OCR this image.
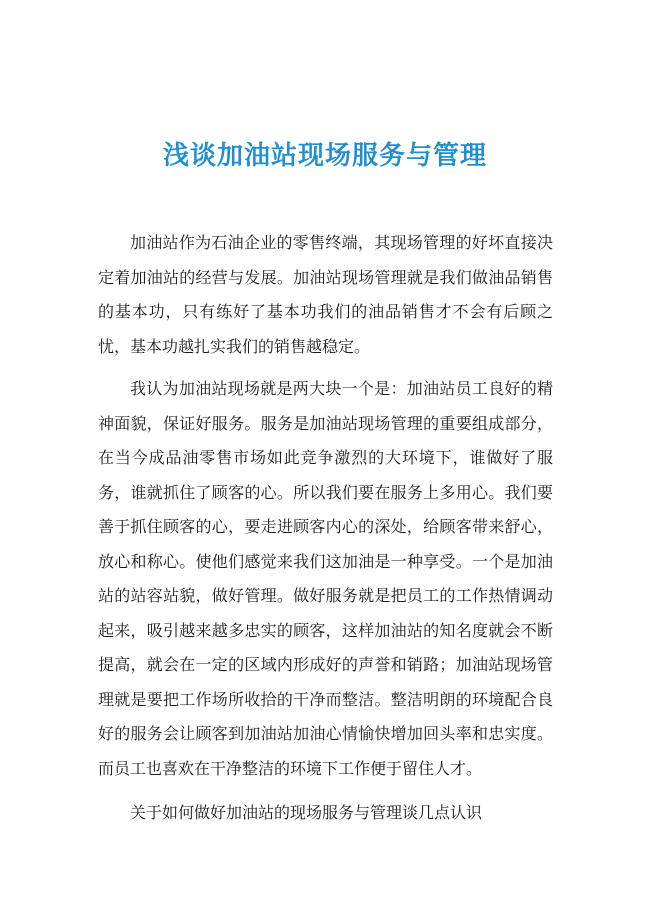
浅谈加油站现场服务与管理

加油站作为石油企业的零售终端，其现场管理的好坏直接决定着加油站的经营与发展。加油站现场管理就是我们做油品销售的基本功，只有练好了基本功我们的油品销售才不会有后顾之忧，基本功越扎实我们的销售越稳定。

我认为加油站现场就是两大块一个是：加油站员工良好的精神面貌，保证好服务。服务是加油站现场管理的重要组成部分，在当今成品油零售市场如此竞争激烈的大环境下，谁做好了服务，谁就抓住了顾客的心。所以我们要在服务上多用心。我们要善于抓住顾客的心，要走进顾客内心的深处，给顾客带来舒心，放心和称心。使他们感觉来我们这加油是一种享受。一个是加油站的站容站貌，做好管理。做好服务就是把员工的工作热情调动起来，吸引越来越多忠实的顾客，这样加油站的知名度就会不断提高，就会在一定的区域内形成好的声誉和销路；加油站现场管理就是要把工作场所收拾的干净而整洁。整洁明朗的环境配合良好的服务会让顾客到加油站加油心情愉快增加回头率和忠实度。而员工也喜欢在干净整洁的环境下工作便于留住人才。

关于如何做好加油站的现场服务与管理谈几点认识
